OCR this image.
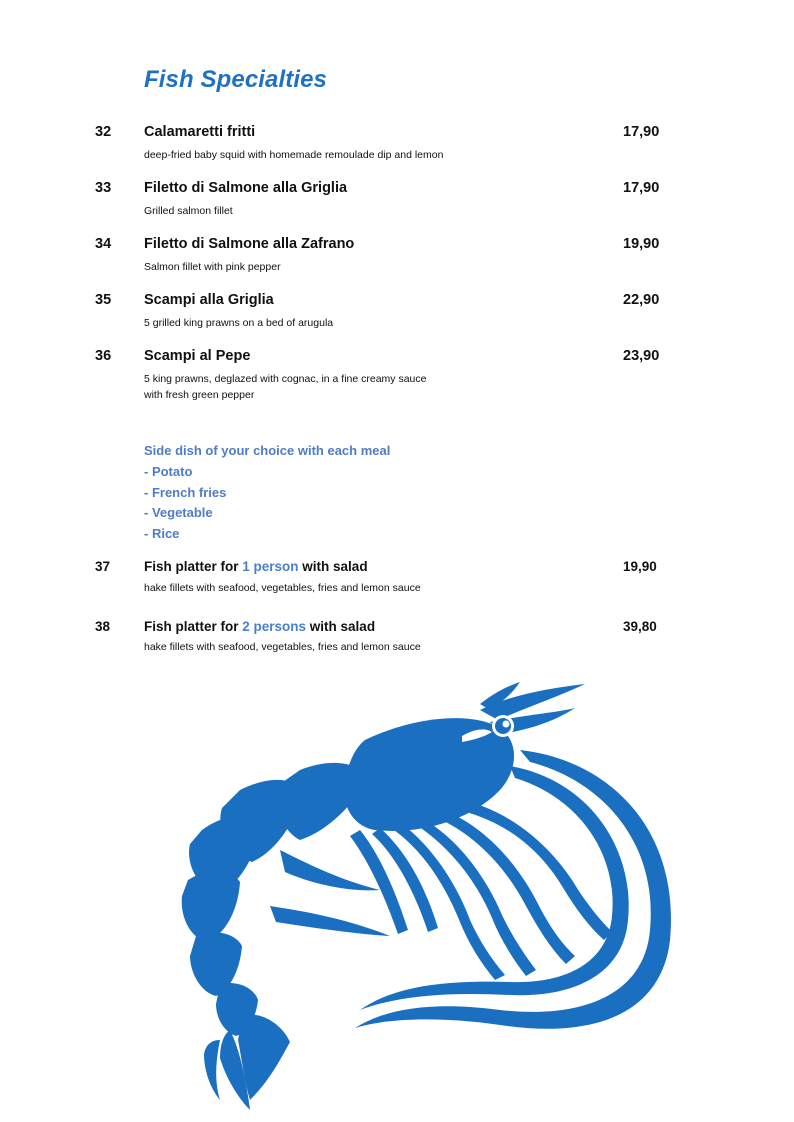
Fish Specialties
32 Calamaretti fritti	17,90
deep-fried baby squid with homemade remoulade dip and lemon
33 Filetto di Salmone alla Griglia	17,90
Grilled salmon fillet
34 Filetto di Salmone alla Zafrano	19,90
Salmon fillet with pink pepper
35 Scampi alla Griglia	22,90
5 grilled king prawns on a bed of arugula
36 Scampi al Pepe	23,90
5 king prawns, deglazed with cognac, in a fine creamy sauce
with fresh green pepper
Side dish of your choice with each meal
- Potato
- French fries
- Vegetable
- Rice
37	Fish platter for 1 person with salad	19,90
hake fillets with seafood, vegetables, fries and lemon sauce
38	Fish platter for 2 persons with salad	39,80
hake fillets with seafood, vegetables, fries and lemon sauce
